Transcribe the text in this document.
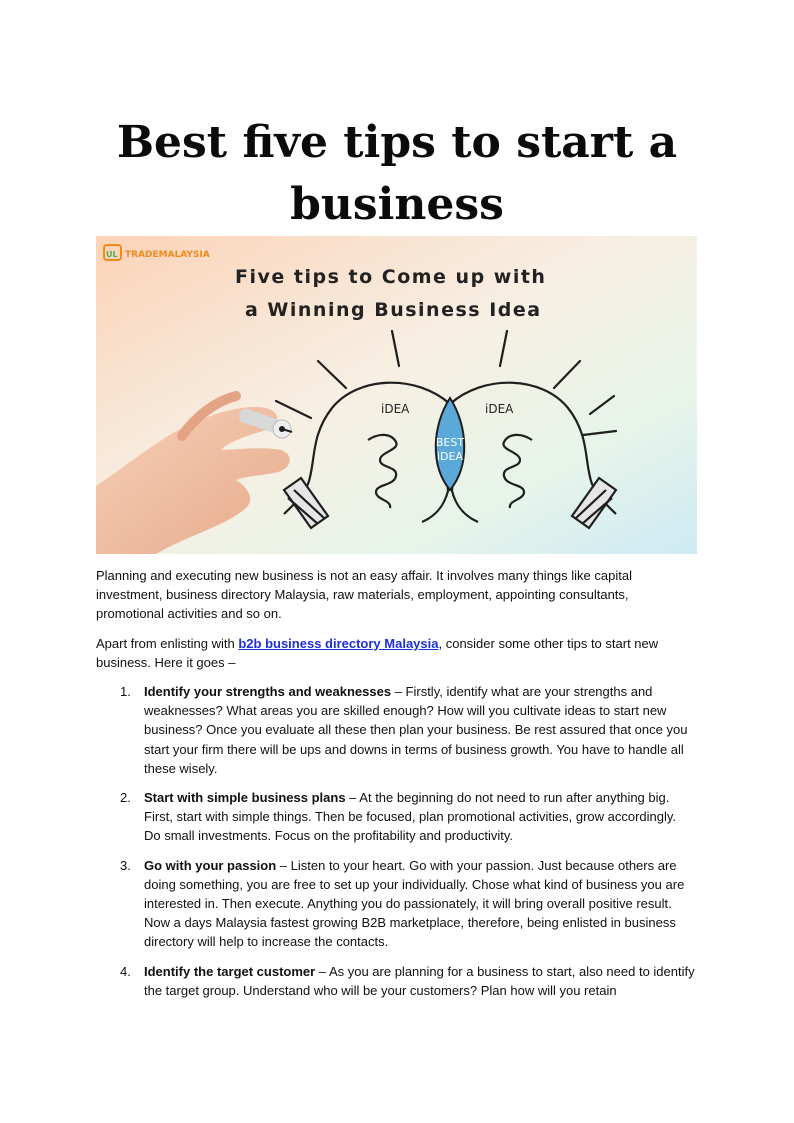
Best five tips to start a business
UL TRADEMALAYSIA
Five tips to Come up with
a Winning Business Idea
iDEA	iDEA
BEST
iDEA

Planning and executing new business is not an easy affair. It involves many things like capital investment, business directory Malaysia, raw materials, employment, appointing consultants, promotional activities and so on.

Apart from enlisting with b2b business directory Malaysia, consider some other tips to start new business. Here it goes –

1. Identify your strengths and weaknesses – Firstly, identify what are your strengths and weaknesses? What areas you are skilled enough? How will you cultivate ideas to start new business? Once you evaluate all these then plan your business. Be rest assured that once you start your firm there will be ups and downs in terms of business growth. You have to handle all these wisely.
2. Start with simple business plans – At the beginning do not need to run after anything big. First, start with simple things. Then be focused, plan promotional activities, grow accordingly. Do small investments. Focus on the profitability and productivity.
3. Go with your passion – Listen to your heart. Go with your passion. Just because others are doing something, you are free to set up your individually. Chose what kind of business you are interested in. Then execute. Anything you do passionately, it will bring overall positive result. Now a days Malaysia fastest growing B2B marketplace, therefore, being enlisted in business directory will help to increase the contacts.
4. Identify the target customer – As you are planning for a business to start, also need to identify the target group. Understand who will be your customers? Plan how will you retain
